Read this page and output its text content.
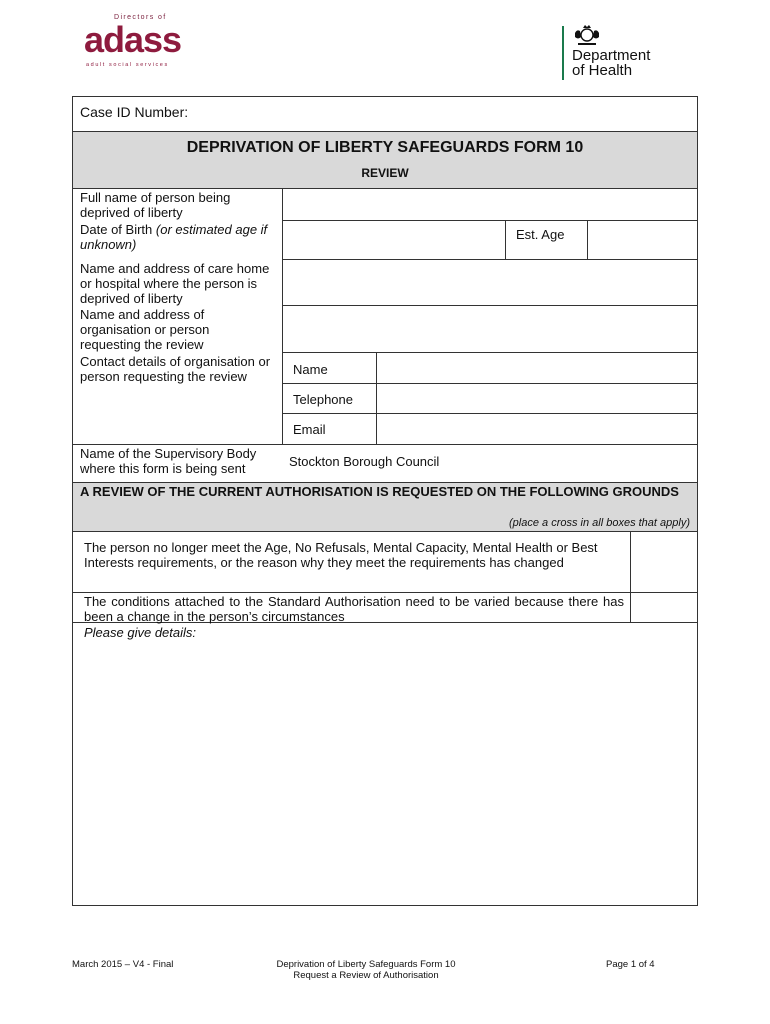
Directors of
adass
adult social services
Department
of Health
Case ID Number:
DEPRIVATION OF LIBERTY SAFEGUARDS FORM 10
REVIEW
Full name of person being deprived of liberty
Date of Birth (or estimated age if unknown)
Est. Age
Name and address of care home or hospital where the person is deprived of liberty
Name and address of organisation or person requesting the review
Contact details of organisation or person requesting the review	Name
Telephone
Email
Name of the Supervisory Body where this form is being sent	Stockton Borough Council
A REVIEW OF THE CURRENT AUTHORISATION IS REQUESTED ON THE FOLLOWING GROUNDS
(place a cross in all boxes that apply)
The person no longer meet the Age, No Refusals, Mental Capacity, Mental Health or Best Interests requirements, or the reason why they meet the requirements has changed
The conditions attached to the Standard Authorisation need to be varied because there has been a change in the person’s circumstances
Please give details:
March 2015 – V4 - Final	Deprivation of Liberty Safeguards Form 10
Request a Review of Authorisation
Page 1 of 4
